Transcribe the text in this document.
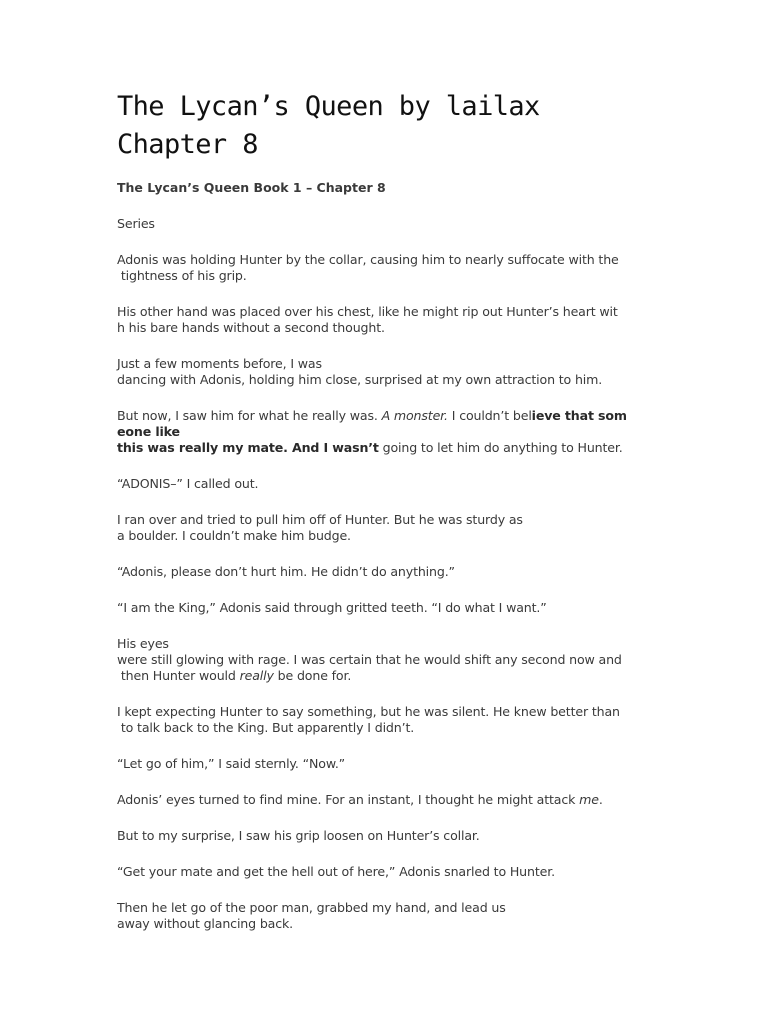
The Lycan’s Queen by lailax Chapter 8
The Lycan’s Queen Book 1 – Chapter 8
Series
Adonis was holding Hunter by the collar, causing him to nearly suffocate with the
tightness of his grip.
His other hand was placed over his chest, like he might rip out Hunter’s heart wit
h his bare hands without a second thought.
Just a few moments before, I was
dancing with Adonis, holding him close, surprised at my own attraction to him.
But now, I saw him for what he really was. A monster. I couldn’t believe that som
eone like
this was really my mate. And I wasn’t going to let him do anything to Hunter.
“ADONIS–” I called out.
I ran over and tried to pull him off of Hunter. But he was sturdy as
a boulder. I couldn’t make him budge.
“Adonis, please don’t hurt him. He didn’t do anything.”
“I am the King,” Adonis said through gritted teeth. “I do what I want.”
His eyes
were still glowing with rage. I was certain that he would shift any second now and
then Hunter would really be done for.
I kept expecting Hunter to say something, but he was silent. He knew better than
to talk back to the King. But apparently I didn’t.
“Let go of him,” I said sternly. “Now.”
Adonis’ eyes turned to find mine. For an instant, I thought he might attack me.
But to my surprise, I saw his grip loosen on Hunter’s collar.
“Get your mate and get the hell out of here,” Adonis snarled to Hunter.
Then he let go of the poor man, grabbed my hand, and lead us
away without glancing back.
